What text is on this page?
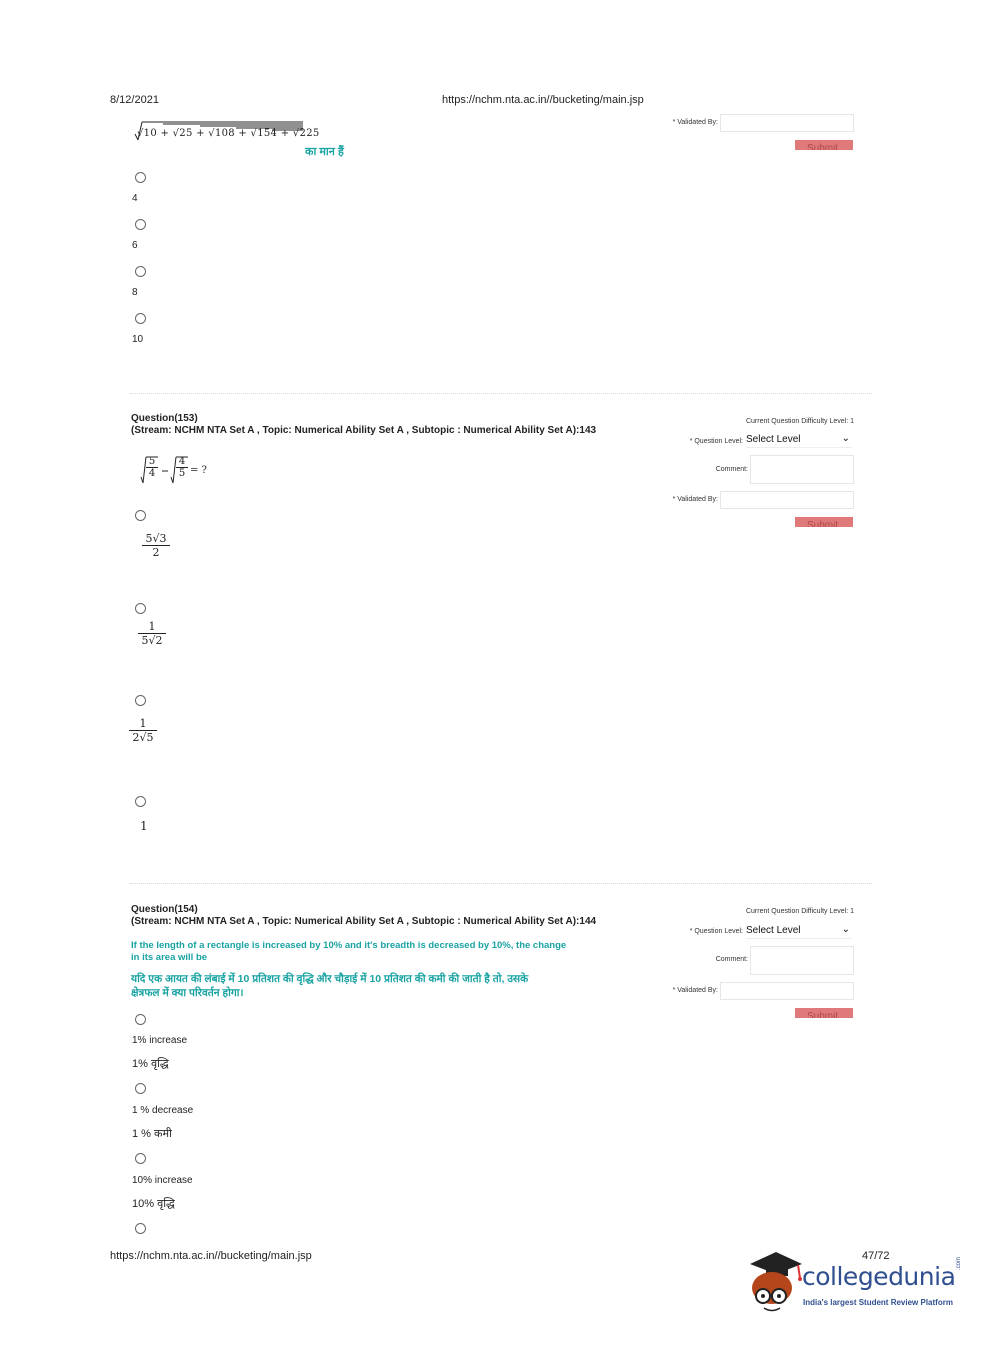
8/12/2021	https://nchm.nta.ac.in//bucketing/main.jsp
√10 + √25 + √108 + √154 + √225
का मान हैं
4
6
8
10
* Validated By:
Submit
Question(153)
(Stream: NCHM NTA Set A , Topic: Numerical Ability Set A , Subtopic : Numerical Ability Set A):143
$\frac{5}{4} \frac{4}{5}$ = ?
$\frac{5√3}{2}$
$\frac{1}{5√2}$
$\frac{1}{2√5}$
1
Current Question Difficulty Level: 1
* Question Level: Select Level	⌄
Comment:
* Validated By:
Submit
Question(154)
(Stream: NCHM NTA Set A , Topic: Numerical Ability Set A , Subtopic : Numerical Ability Set A):144
If the length of a rectangle is increased by 10% and it's breadth is decreased by 10%, the change
in its area will be
यदि एक आयत की लंबाई में 10 प्रतिशत की वृद्धि और चौड़ाई में 10 प्रतिशत की कमी की जाती है तो, उसके
क्षेत्रफल में क्या परिवर्तन होगा।
1% increase
1% वृद्धि
1 % decrease
1 % कमी
10% increase
10% वृद्धि
Current Question Difficulty Level: 1
* Question Level: Select Level	⌄
Comment:
* Validated By:
Submit
https://nchm.nta.ac.in//bucketing/main.jsp	47/72
collegedunia .com
India's largest Student Review Platform
